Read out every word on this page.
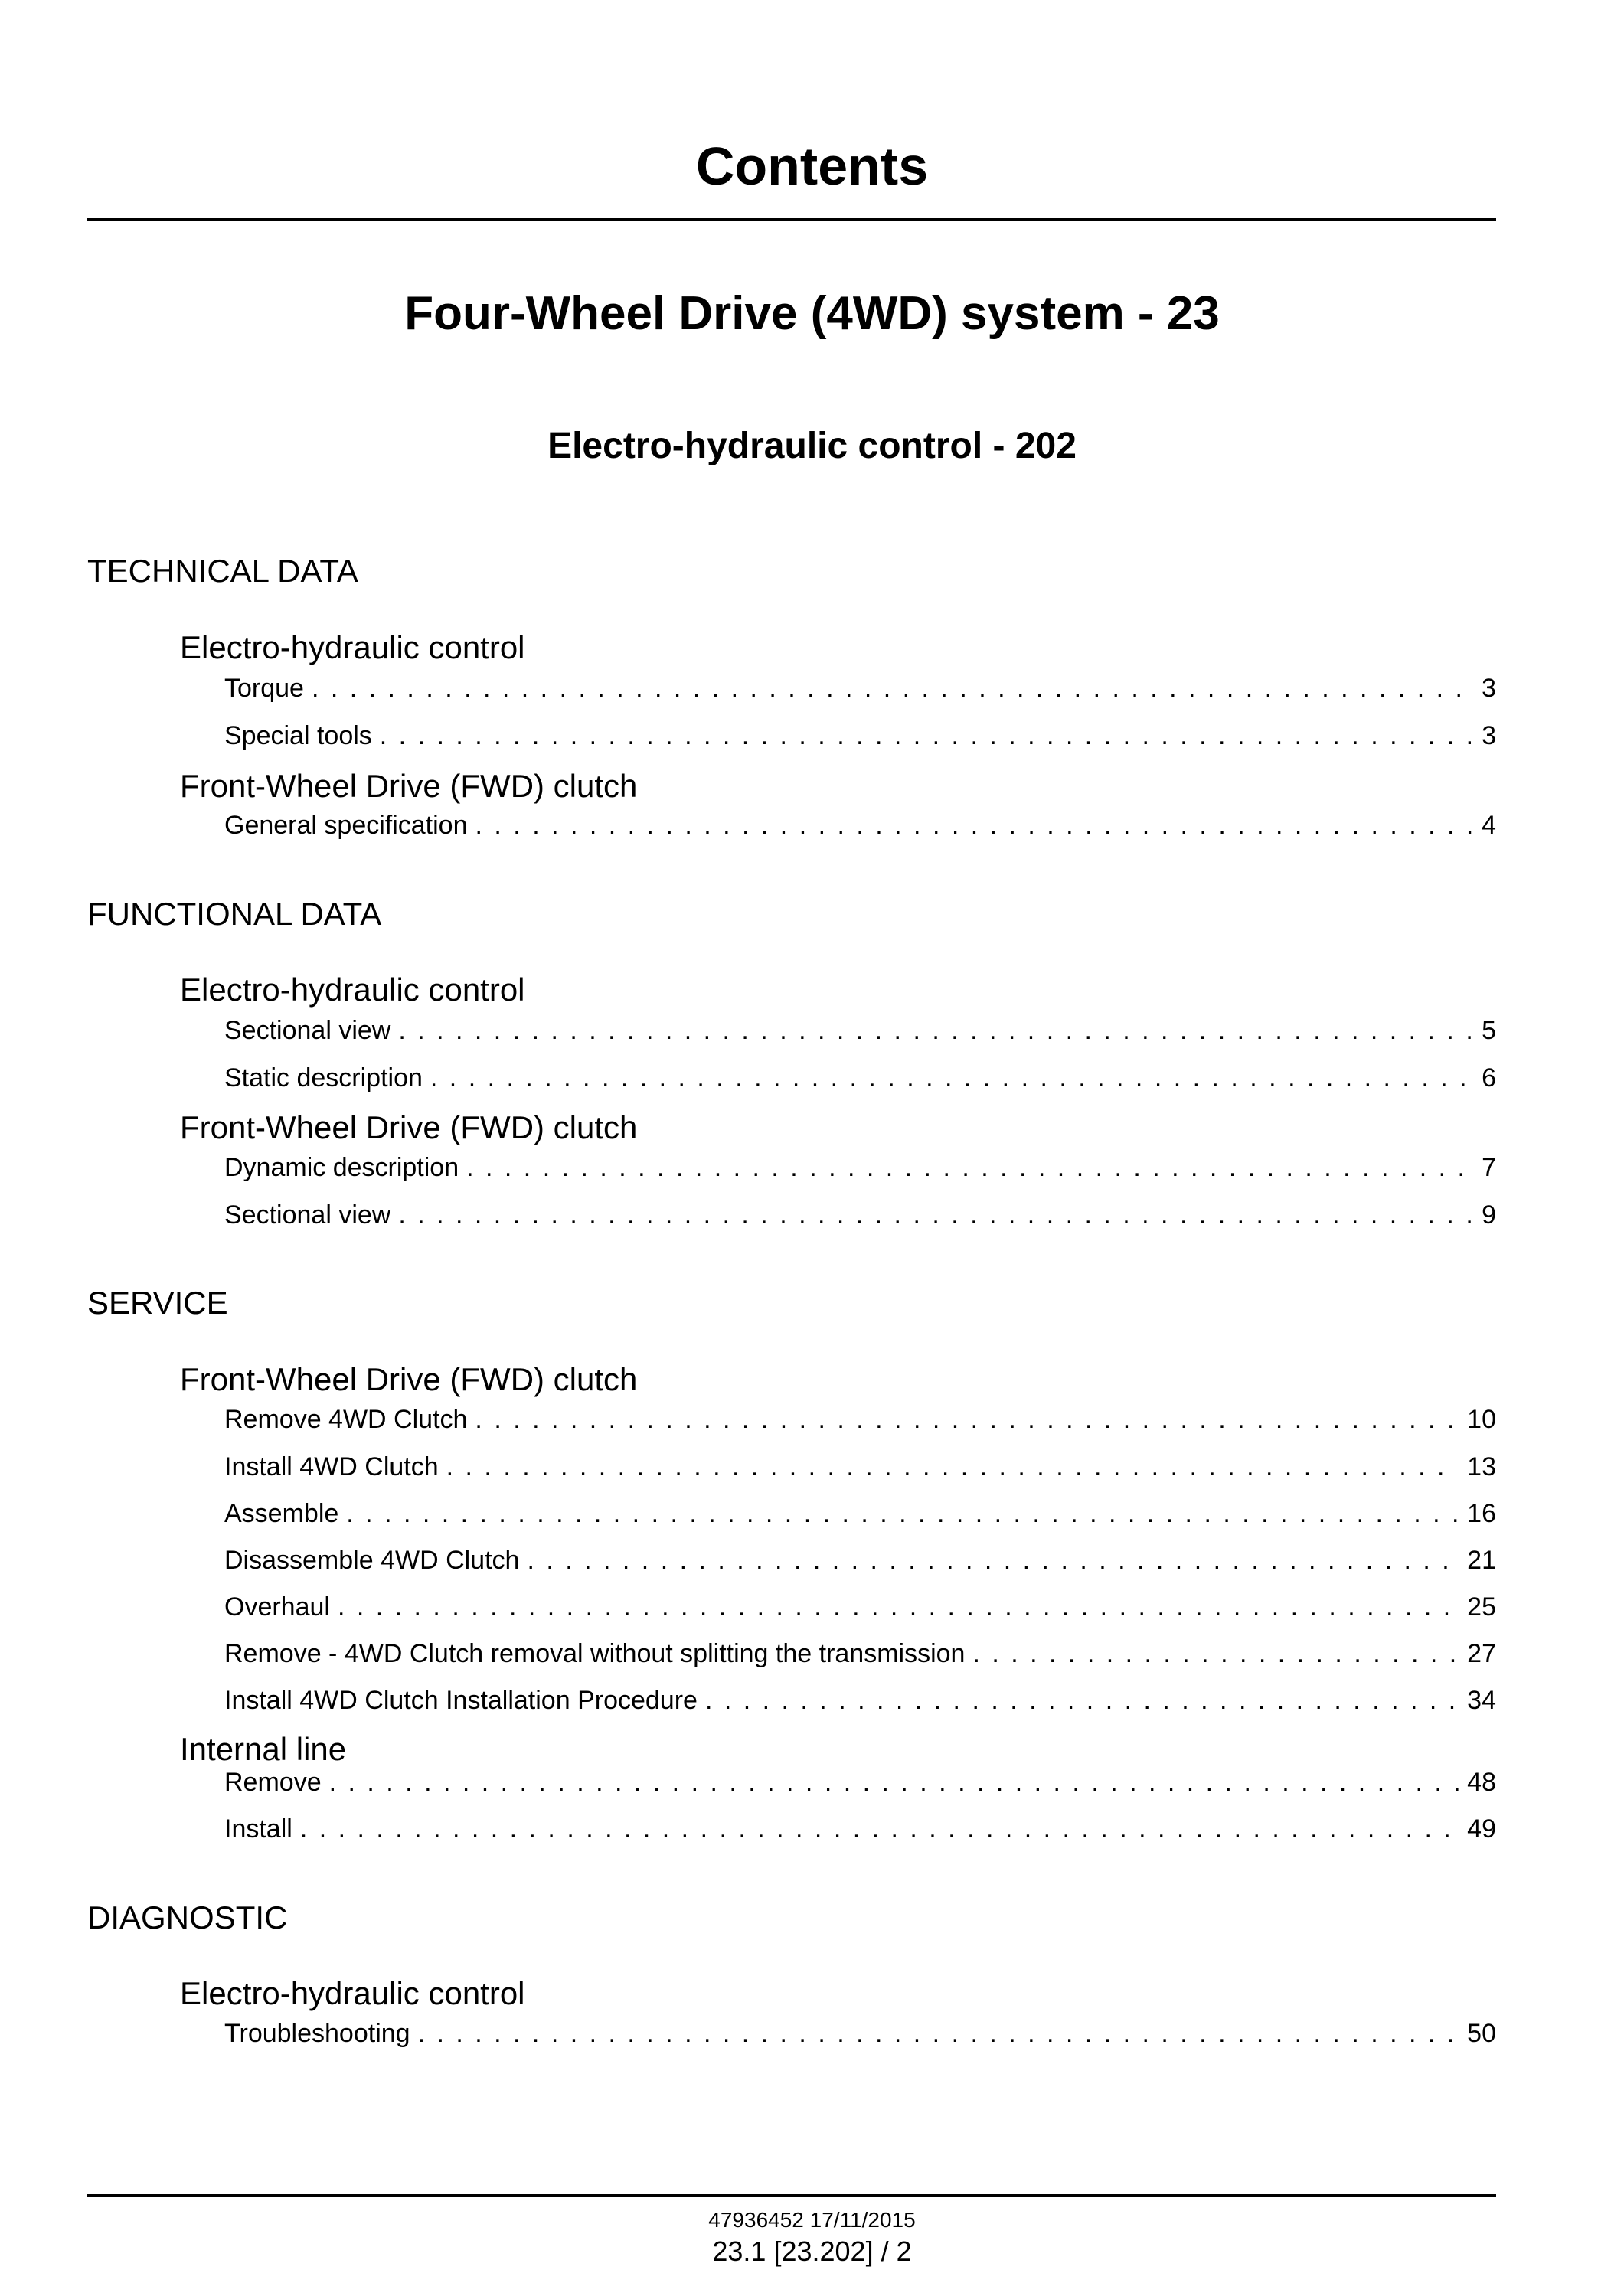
Contents
Four-Wheel Drive (4WD) system - 23
Electro-hydraulic control - 202
TECHNICAL DATA
Electro-hydraulic control
Torque . . .	3
Special tools . . .	3
Front-Wheel Drive (FWD) clutch
General specification . . .	4
FUNCTIONAL DATA
Electro-hydraulic control
Sectional view . . .	5
Static description . . .	6
Front-Wheel Drive (FWD) clutch
Dynamic description . . .	7
Sectional view . . .	9
SERVICE
Front-Wheel Drive (FWD) clutch
Remove 4WD Clutch . . .	10
Install 4WD Clutch . . .	13
Assemble . . .	16
Disassemble 4WD Clutch . . .	21
Overhaul . . .	25
Remove - 4WD Clutch removal without splitting the transmission . . .	27
Install 4WD Clutch Installation Procedure . . .	34
Internal line
Remove . . .	48
Install . . .	49
DIAGNOSTIC
Electro-hydraulic control
Troubleshooting . . .	50
47936452 17/11/2015
23.1 [23.202] / 2
